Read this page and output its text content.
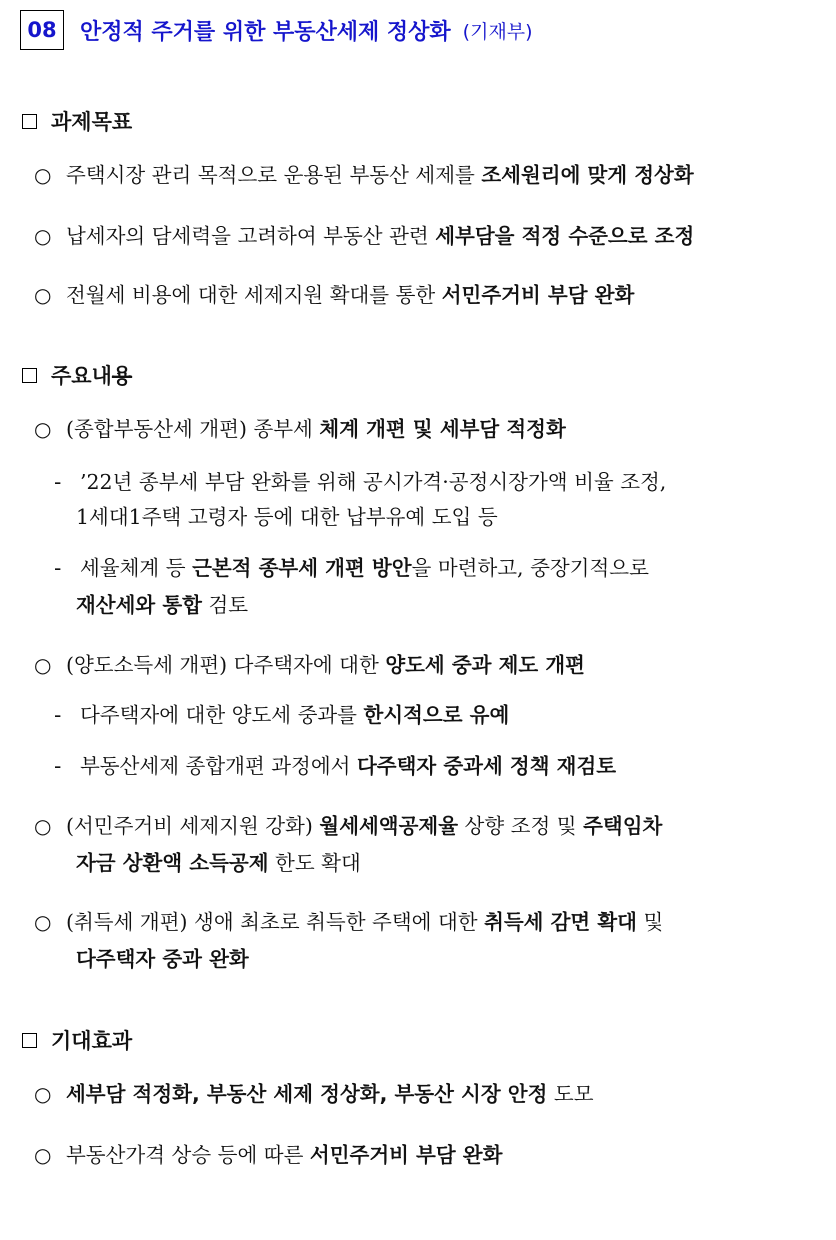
08	안정적 주거를 위한 부동산세제 정상화 (기재부)
과제목표
○ 주택시장 관리 목적으로 운용된 부동산 세제를 조세원리에 맞게 정상화
○ 납세자의 담세력을 고려하여 부동산 관련 세부담을 적정 수준으로 조정
○ 전월세 비용에 대한 세제지원 확대를 통한 서민주거비 부담 완화
주요내용
○ (종합부동산세 개편) 종부세 체계 개편 및 세부담 적정화
- ’22년 종부세 부담 완화를 위해 공시가격·공정시장가액 비율 조정,
1세대1주택 고령자 등에 대한 납부유예 도입 등
- 세율체계 등 근본적 종부세 개편 방안을 마련하고, 중장기적으로
재산세와 통합 검토
○ (양도소득세 개편) 다주택자에 대한 양도세 중과 제도 개편
- 다주택자에 대한 양도세 중과를 한시적으로 유예
- 부동산세제 종합개편 과정에서 다주택자 중과세 정책 재검토
○ (서민주거비 세제지원 강화) 월세세액공제율 상향 조정 및 주택임차
자금 상환액 소득공제 한도 확대
○ (취득세 개편) 생애 최초로 취득한 주택에 대한 취득세 감면 확대 및
다주택자 중과 완화
기대효과
○ 세부담 적정화, 부동산 세제 정상화, 부동산 시장 안정 도모
○ 부동산가격 상승 등에 따른 서민주거비 부담 완화
